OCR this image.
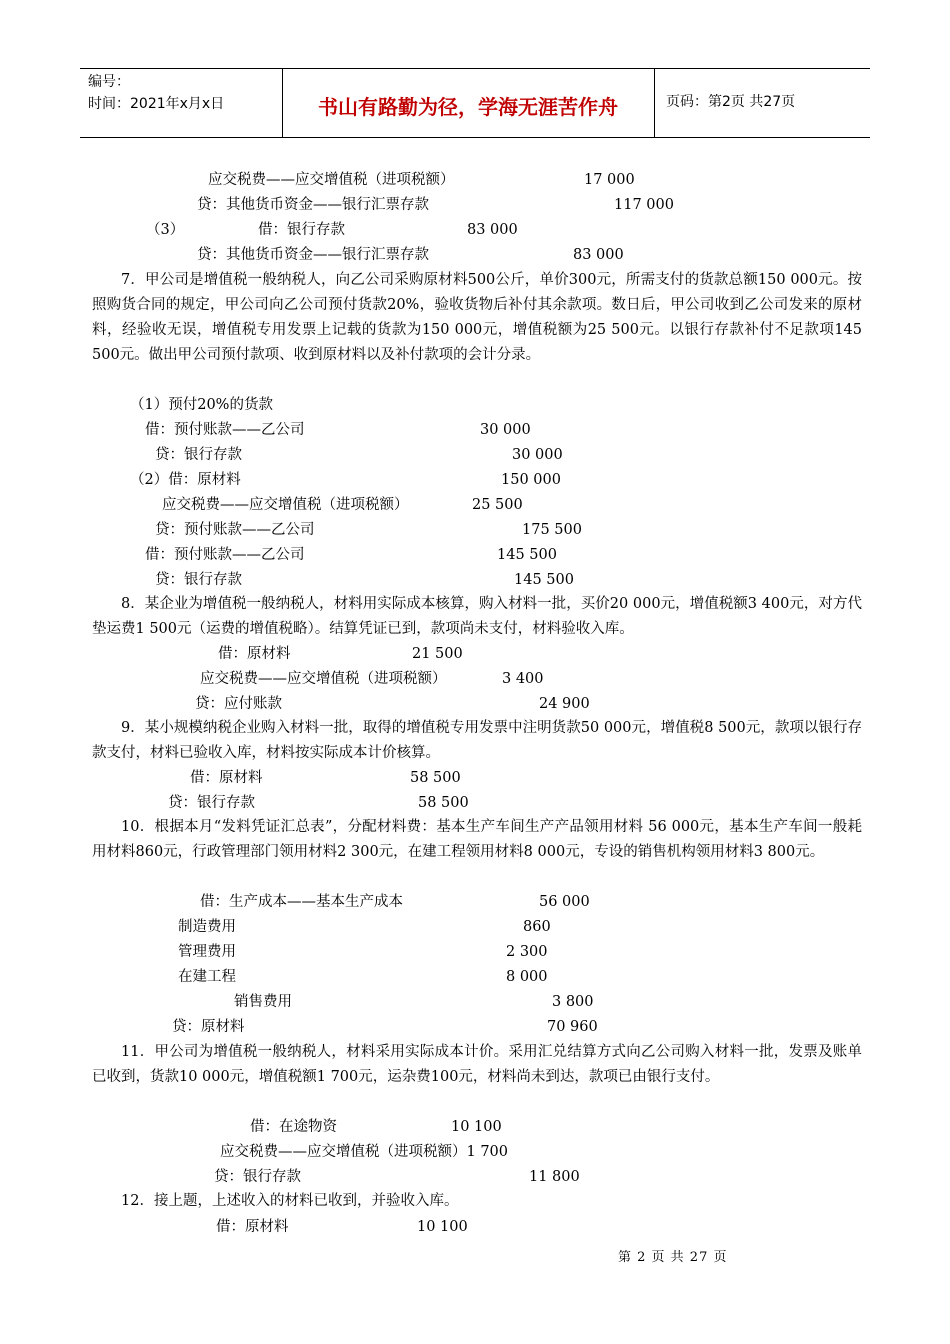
编号：
时间：2021年x月x日	书山有路勤为径，学海无涯苦作舟	页码：第2页 共27页
应交税费——应交增值税（进项税额）	17 000
贷：其他货币资金——银行汇票存款	117 000
（3）	借：银行存款	83 000
贷：其他货币资金——银行汇票存款	83 000
7．甲公司是增值税一般纳税人，向乙公司采购原材料500公斤，单价300元，所需支付的货款总额150 000元。按照购货合同的规定，甲公司向乙公司预付货款20%，验收货物后补付其余款项。数日后，甲公司收到乙公司发来的原材料，经验收无误，增值税专用发票上记载的货款为150 000元，增值税额为25 500元。以银行存款补付不足款项145 500元。做出甲公司预付款项、收到原材料以及补付款项的会计分录。
（1）预付20%的货款
借：预付账款——乙公司	30 000
贷：银行存款	30 000
（2）借：原材料	150 000
应交税费——应交增值税（进项税额）	25 500
贷：预付账款——乙公司	175 500
借：预付账款——乙公司	145 500
贷：银行存款	145 500
8．某企业为增值税一般纳税人，材料用实际成本核算，购入材料一批，买价20 000元，增值税额3 400元，对方代垫运费1 500元（运费的增值税略）。结算凭证已到，款项尚未支付，材料验收入库。
借：原材料	21 500
应交税费——应交增值税（进项税额）	3 400
贷：应付账款	24 900
9．某小规模纳税企业购入材料一批，取得的增值税专用发票中注明货款50 000元，增值税8 500元，款项以银行存款支付，材料已验收入库，材料按实际成本计价核算。
借：原材料	58 500
贷：银行存款	58 500
10．根据本月“发料凭证汇总表”，分配材料费：基本生产车间生产产品领用材料 56 000元，基本生产车间一般耗用材料860元，行政管理部门领用材料2 300元，在建工程领用材料8 000元，专设的销售机构领用材料3 800元。
借：生产成本——基本生产成本	56 000
制造费用	860
管理费用	2 300
在建工程	8 000
销售费用	3 800
贷：原材料	70 960
11．甲公司为增值税一般纳税人，材料采用实际成本计价。采用汇兑结算方式向乙公司购入材料一批，发票及账单已收到，货款10 000元，增值税额1 700元，运杂费100元，材料尚未到达，款项已由银行支付。
借：在途物资	10 100
应交税费——应交增值税（进项税额）1 700
贷：银行存款	11 800
12．接上题，上述收入的材料已收到，并验收入库。
借：原材料	10 100
第 2 页 共 27 页
